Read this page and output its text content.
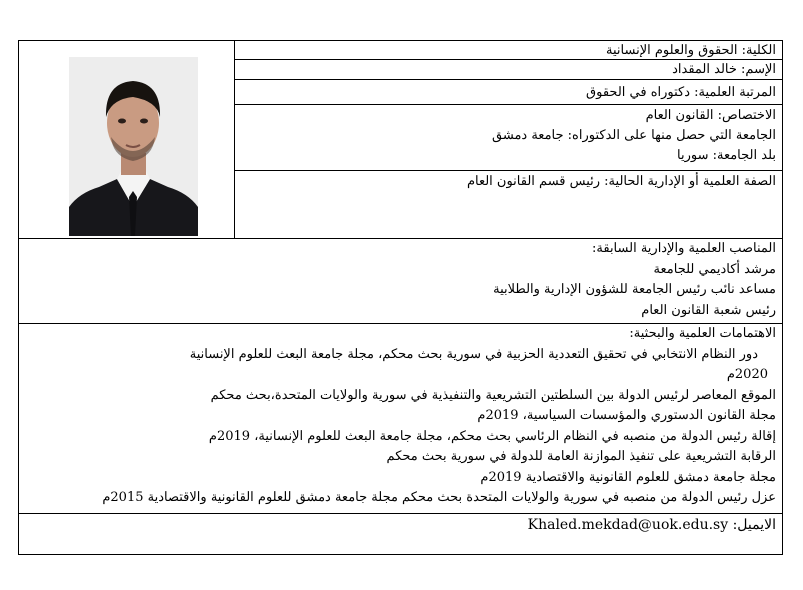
الكلية: الحقوق والعلوم الإنسانية
الإسم: خالد المقداد
المرتبة العلمية: دكتوراه في الحقوق
الاختصاص: القانون العام
الجامعة التي حصل منها على الدكتوراه: جامعة دمشق
بلد الجامعة: سوريا
الصفة العلمية أو الإدارية الحالية: رئيس قسم القانون العام
المناصب العلمية والإدارية السابقة:
مرشد أكاديمي للجامعة
مساعد نائب رئيس الجامعة للشؤون الإدارية والطلابية
رئيس شعبة القانون العام
الاهتمامات العلمية والبحثية:
دور النظام الانتخابي في تحقيق التعددية الحزبية في سورية بحث محكم، مجلة جامعة البعث للعلوم الإنسانية
2020م
الموقع المعاصر لرئيس الدولة بين السلطتين التشريعية والتنفيذية في سورية والولايات المتحدة،بحث محكم
مجلة القانون الدستوري والمؤسسات السياسية، 2019م
إقالة رئيس الدولة من منصبه في النظام الرئاسي بحث محكم، مجلة جامعة البعث للعلوم الإنسانية، 2019م
الرقابة التشريعية على تنفيذ الموازنة العامة للدولة في سورية بحث محكم
مجلة جامعة دمشق للعلوم القانونية والاقتصادية 2019م
عزل رئيس الدولة من منصبه في سورية والولايات المتحدة بحث محكم مجلة جامعة دمشق للعلوم القانونية والاقتصادية 2015م
الايميل: Khaled.mekdad@uok.edu.sy
